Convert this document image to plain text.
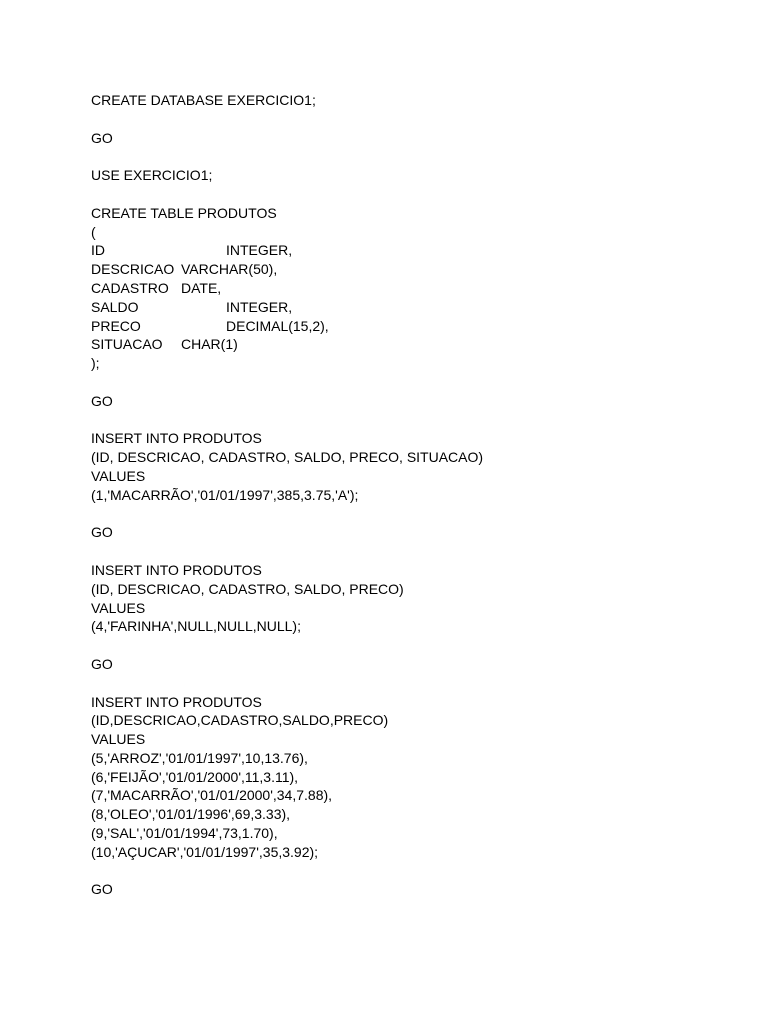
CREATE DATABASE EXERCICIO1;
GO
USE EXERCICIO1;
CREATE TABLE PRODUTOS
(
ID	INTEGER,
DESCRICAO VARCHAR(50),
CADASTRO DATE,
SALDO	INTEGER,
PRECO	DECIMAL(15,2),
SITUACAO	CHAR(1)
);
GO
INSERT INTO PRODUTOS
(ID, DESCRICAO, CADASTRO, SALDO, PRECO, SITUACAO)
VALUES
(1,'MACARRÃO','01/01/1997',385,3.75,'A');
GO
INSERT INTO PRODUTOS
(ID, DESCRICAO, CADASTRO, SALDO, PRECO)
VALUES
(4,'FARINHA',NULL,NULL,NULL);
GO
INSERT INTO PRODUTOS
(ID,DESCRICAO,CADASTRO,SALDO,PRECO)
VALUES
(5,'ARROZ','01/01/1997',10,13.76),
(6,'FEIJÃO','01/01/2000',11,3.11),
(7,'MACARRÃO','01/01/2000',34,7.88),
(8,'OLEO','01/01/1996',69,3.33),
(9,'SAL','01/01/1994',73,1.70),
(10,'AÇUCAR','01/01/1997',35,3.92);
GO
